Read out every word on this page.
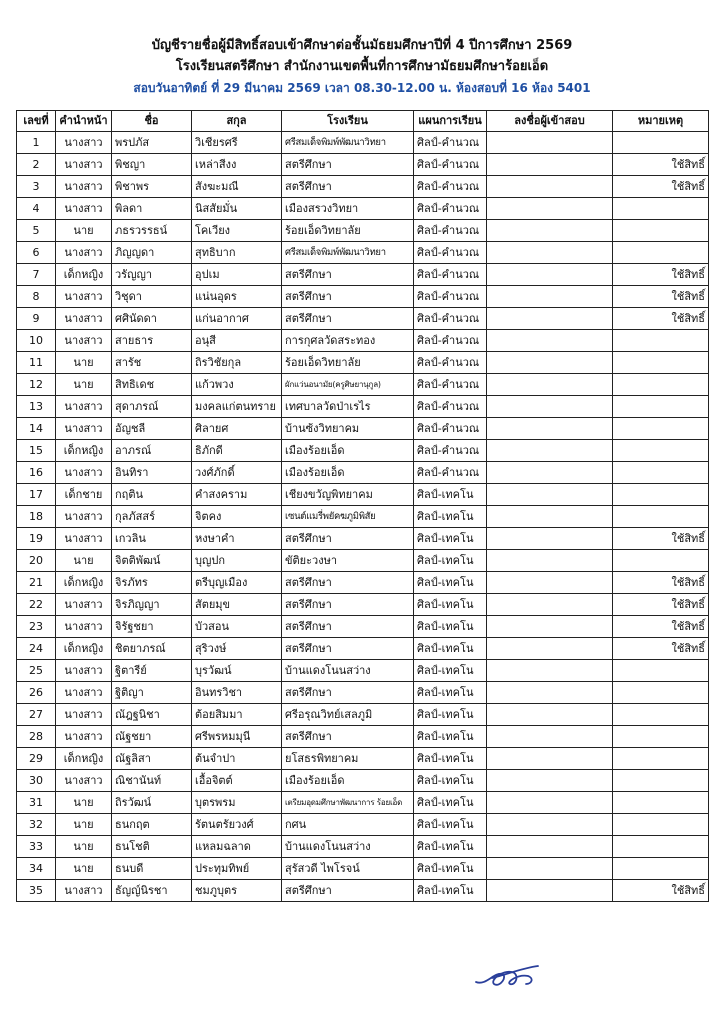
บัญชีรายชื่อผู้มีสิทธิ์สอบเข้าศึกษาต่อชั้นมัธยมศึกษาปีที่ 4 ปีการศึกษา 2569
โรงเรียนสตรีศึกษา สำนักงานเขตพื้นที่การศึกษามัธยมศึกษาร้อยเอ็ด
สอบวันอาทิตย์ ที่ 29 มีนาคม 2569 เวลา 08.30-12.00 น. ห้องสอบที่ 16 ห้อง 5401
เลขที่	คำนำหน้า	ชื่อ	สกุล	โรงเรียน	แผนการเรียน	ลงชื่อผู้เข้าสอบ	หมายเหตุ
1	นางสาว	พรปภัส	วิเชียรศรี	ศรีสมเด็จพิมพ์พัฒนาวิทยา	ศิลป์-คำนวณ		
2	นางสาว	พิชญา	เหล่าสีงง	สตรีศึกษา	ศิลป์-คำนวณ		ใช้สิทธิ์
3	นางสาว	พิชาพร	สังฆะมณี	สตรีศึกษา	ศิลป์-คำนวณ		ใช้สิทธิ์
4	นางสาว	พิลดา	นิสสัยมั่น	เมืองสรวงวิทยา	ศิลป์-คำนวณ		
5	นาย	ภธรวรรธน์	โคเวียง	ร้อยเอ็ดวิทยาลัย	ศิลป์-คำนวณ		
6	นางสาว	ภิญญดา	สุทธิบาก	ศรีสมเด็จพิมพ์พัฒนาวิทยา	ศิลป์-คำนวณ		
7	เด็กหญิง	วรัญญา	อุปเม	สตรีศึกษา	ศิลป์-คำนวณ		ใช้สิทธิ์
8	นางสาว	วิชุดา	แน่นอุดร	สตรีศึกษา	ศิลป์-คำนวณ		ใช้สิทธิ์
9	นางสาว	ศศินัดดา	แก่นอากาศ	สตรีศึกษา	ศิลป์-คำนวณ		ใช้สิทธิ์
10	นางสาว	สายธาร	อนุสี	การกุศลวัดสระทอง	ศิลป์-คำนวณ		
11	นาย	สารัช	ถิรวิชัยกุล	ร้อยเอ็ดวิทยาลัย	ศิลป์-คำนวณ		
12	นาย	สิทธิเดช	แก้วพวง	ผักแว่นอนามัย(ครูศิษยานุกูล)	ศิลป์-คำนวณ		
13	นางสาว	สุดาภรณ์	มงคลแก่ตนทราย	เทศบาลวัดป่าเรไร	ศิลป์-คำนวณ		
14	นางสาว	อัญชลี	ศิลายศ	บ้านซ้งวิทยาคม	ศิลป์-คำนวณ		
15	เด็กหญิง	อาภรณ์	ธิภักดี	เมืองร้อยเอ็ด	ศิลป์-คำนวณ		
16	นางสาว	อินทิรา	วงศ์ภักดิ์	เมืองร้อยเอ็ด	ศิลป์-คำนวณ		
17	เด็กชาย	กฤติน	คำสงคราม	เชียงขวัญพิทยาคม	ศิลป์-เทคโน		
18	นางสาว	กุลภัสสร์	จิตคง	เซนต์แมรี่พยัคฆภูมิพิสัย	ศิลป์-เทคโน		
19	นางสาว	เกวลิน	หงษาคำ	สตรีศึกษา	ศิลป์-เทคโน		ใช้สิทธิ์
20	นาย	จิตติพัฒน์	บุญปก	ขัติยะวงษา	ศิลป์-เทคโน		
21	เด็กหญิง	จิรภัทร	ตรีบุญเมือง	สตรีศึกษา	ศิลป์-เทคโน		ใช้สิทธิ์
22	นางสาว	จิรภิญญา	สัตยมุข	สตรีศึกษา	ศิลป์-เทคโน		ใช้สิทธิ์
23	นางสาว	จิรัฐชยา	บัวสอน	สตรีศึกษา	ศิลป์-เทคโน		ใช้สิทธิ์
24	เด็กหญิง	ชิตยาภรณ์	สุริวงษ์	สตรีศึกษา	ศิลป์-เทคโน		ใช้สิทธิ์
25	นางสาว	ฐิตารีย์	บุรวัฒน์	บ้านแดงโนนสว่าง	ศิลป์-เทคโน		
26	นางสาว	ฐิติญา	อินทรวิชา	สตรีศึกษา	ศิลป์-เทคโน		
27	นางสาว	ณัฎฐนิชา	ต้อยสิมมา	ศรีอรุณวิทย์เสลภูมิ	ศิลป์-เทคโน		
28	นางสาว	ณัฐชยา	ศรีพรหมมุนี	สตรีศึกษา	ศิลป์-เทคโน		
29	เด็กหญิง	ณัฐลิสา	ต้นจำปา	ยโสธรพิทยาคม	ศิลป์-เทคโน		
30	นางสาว	ณิชานันท์	เอื้อจิตต์	เมืองร้อยเอ็ด	ศิลป์-เทคโน		
31	นาย	ถิรวัฒน์	บุตรพรม	เตรียมอุดมศึกษาพัฒนาการ ร้อยเอ็ด	ศิลป์-เทคโน		
32	นาย	ธนกฤต	รัตนตรัยวงศ์	กศน	ศิลป์-เทคโน		
33	นาย	ธนโชติ	แหลมฉลาด	บ้านแดงโนนสว่าง	ศิลป์-เทคโน		
34	นาย	ธนบดี	ประทุมทิพย์	สุรัสวดี ไพโรจน์	ศิลป์-เทคโน		
35	นางสาว	ธัญญ์นิรชา	ชมภูบุตร	สตรีศึกษา	ศิลป์-เทคโน		ใช้สิทธิ์
